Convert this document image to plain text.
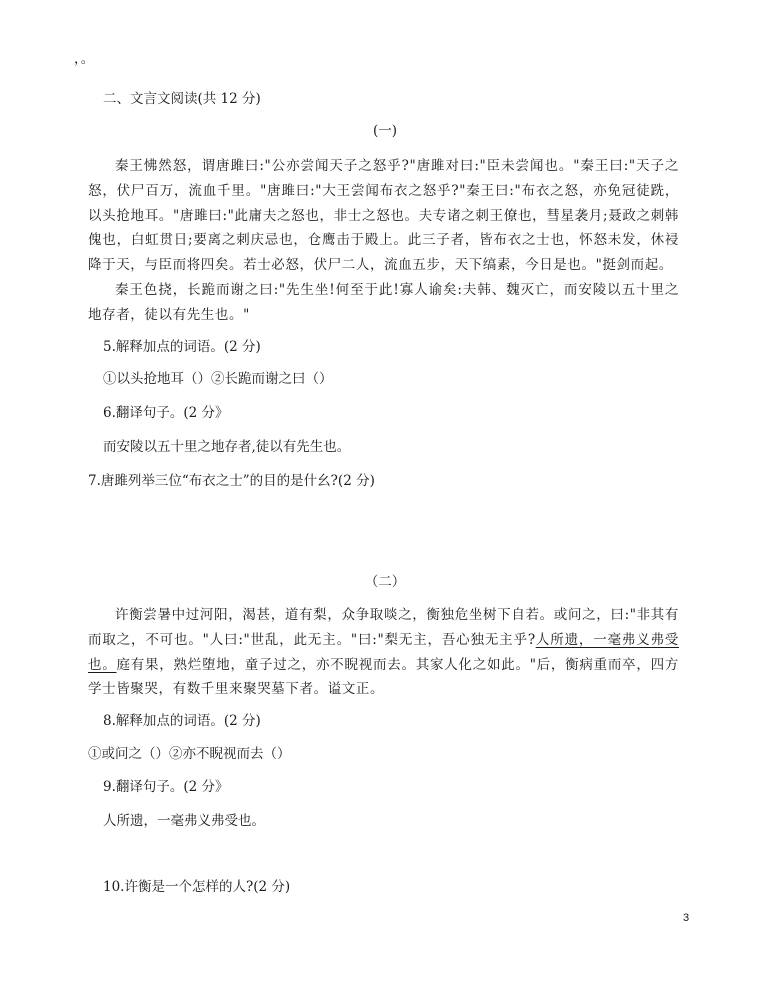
，。
二、文言文阅读(共 12 分)
(一)
秦王怫然怒，谓唐雎曰:"公亦尝闻天子之怒乎?"唐雎对曰:"臣未尝闻也。"秦王曰:"天子之怒，伏尸百万，流血千里。"唐雎曰:"大王尝闻布衣之怒乎?"秦王曰:"布衣之怒，亦免冠徒跣，以头抢地耳。"唐雎曰:"此庸夫之怒也，非士之怒也。夫专诸之刺王僚也，彗星袭月;聂政之刺韩傀也，白虹贯日;要离之刺庆忌也，仓鹰击于殿上。此三子者，皆布衣之士也，怀怒未发，休祲降于天，与臣而将四矣。若士必怒，伏尸二人，流血五步，天下缟素，今日是也。"挺剑而起。
秦王色挠，长跪而谢之曰:"先生坐!何至于此!寡人谕矣:夫韩、魏灭亡，而安陵以五十里之地存者，徒以有先生也。"
5.解释加点的词语。(2 分)
①以头抢地耳（）②长跪而谢之曰（）
6.翻译句子。(2 分》
而安陵以五十里之地存者,徒以有先生也。
7.唐雎列举三位“布衣之士”的目的是什幺?(2 分)
（二）
许衡尝暑中过河阳，渴甚，道有梨，众争取啖之，衡独危坐树下自若。或问之，曰:"非其有而取之，不可也。"人曰:"世乱，此无主。"曰:"梨无主，吾心独无主乎?人所遗，一毫弗义弗受也。庭有果，熟烂堕地，童子过之，亦不睨视而去。其家人化之如此。"后，衡病重而卒，四方学士皆聚哭，有数千里来聚哭墓下者。谥文正。
8.解释加点的词语。(2 分)
①或问之（）②亦不睨视而去（）
9.翻译句子。(2 分》
人所遗，一毫弗义弗受也。
10.许衡是一个怎样的人?(2 分)
3
